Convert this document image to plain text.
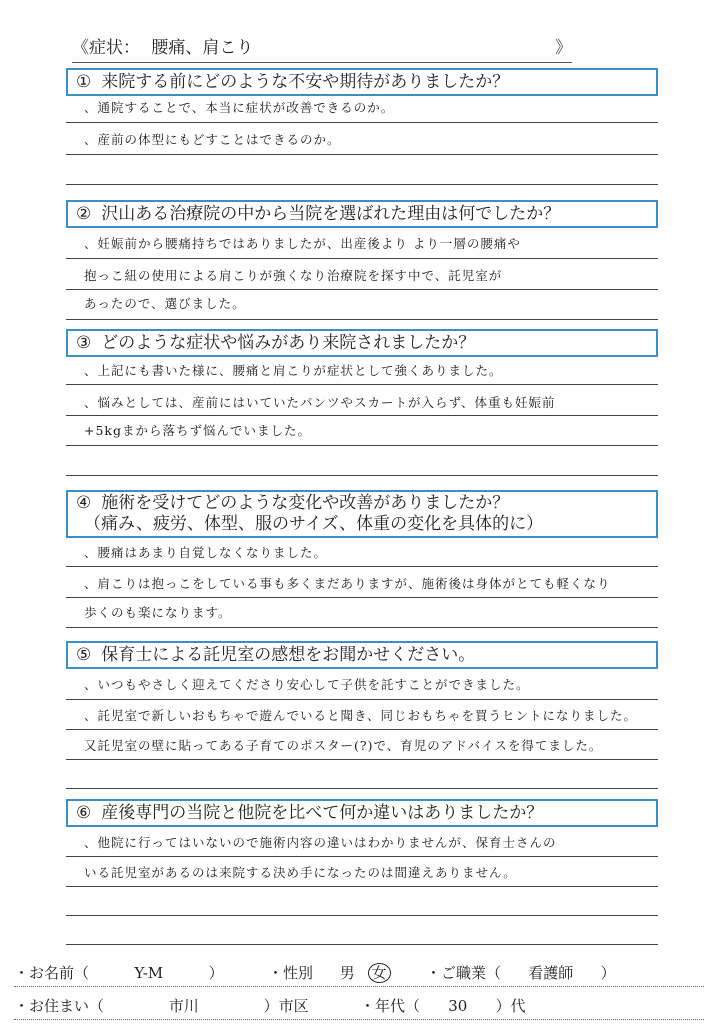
《症状： 腰痛、肩こり	》
① 来院する前にどのような不安や期待がありましたか？
、通院することで、本当に症状が改善できるのか。
、産前の体型にもどすことはできるのか。
② 沢山ある治療院の中から当院を選ばれた理由は何でしたか？
、妊娠前から腰痛持ちではありましたが、出産後より より一層の腰痛や
抱っこ紐の使用による肩こりが強くなり治療院を探す中で、託児室が
あったので、選びました。
③ どのような症状や悩みがあり来院されましたか？
、上記にも書いた様に、腰痛と肩こりが症状として強くありました。
、悩みとしては、産前にはいていたパンツやスカートが入らず、体重も妊娠前
+5kgまから落ちず悩んでいました。
④ 施術を受けてどのような変化や改善がありましたか？
（痛み、疲労、体型、服のサイズ、体重の変化を具体的に）
、腰痛はあまり自覚しなくなりました。
、肩こりは抱っこをしている事も多くまだありますが、施術後は身体がとても軽くなり
歩くのも楽になります。
⑤ 保育士による託児室の感想をお聞かせください。
、いつもやさしく迎えてくださり安心して子供を託すことができました。
、託児室で新しいおもちゃで遊んでいると聞き、同じおもちゃを買うヒントになりました。
又託児室の壁に貼ってある子育てのポスター(?)で、育児のアドバイスを得てました。
⑥ 産後専門の当院と他院を比べて何か違いはありましたか？
、他院に行ってはいないので施術内容の違いはわかりませんが、保育士さんの
いる託児室があるのは来院する決め手になったのは間違えありません。
・お名前（	Y-M	）	・性別 男 女	・ご職業（ 看護師 ）
・お住まい（	市川	）市区	・年代（ 30 ）代
